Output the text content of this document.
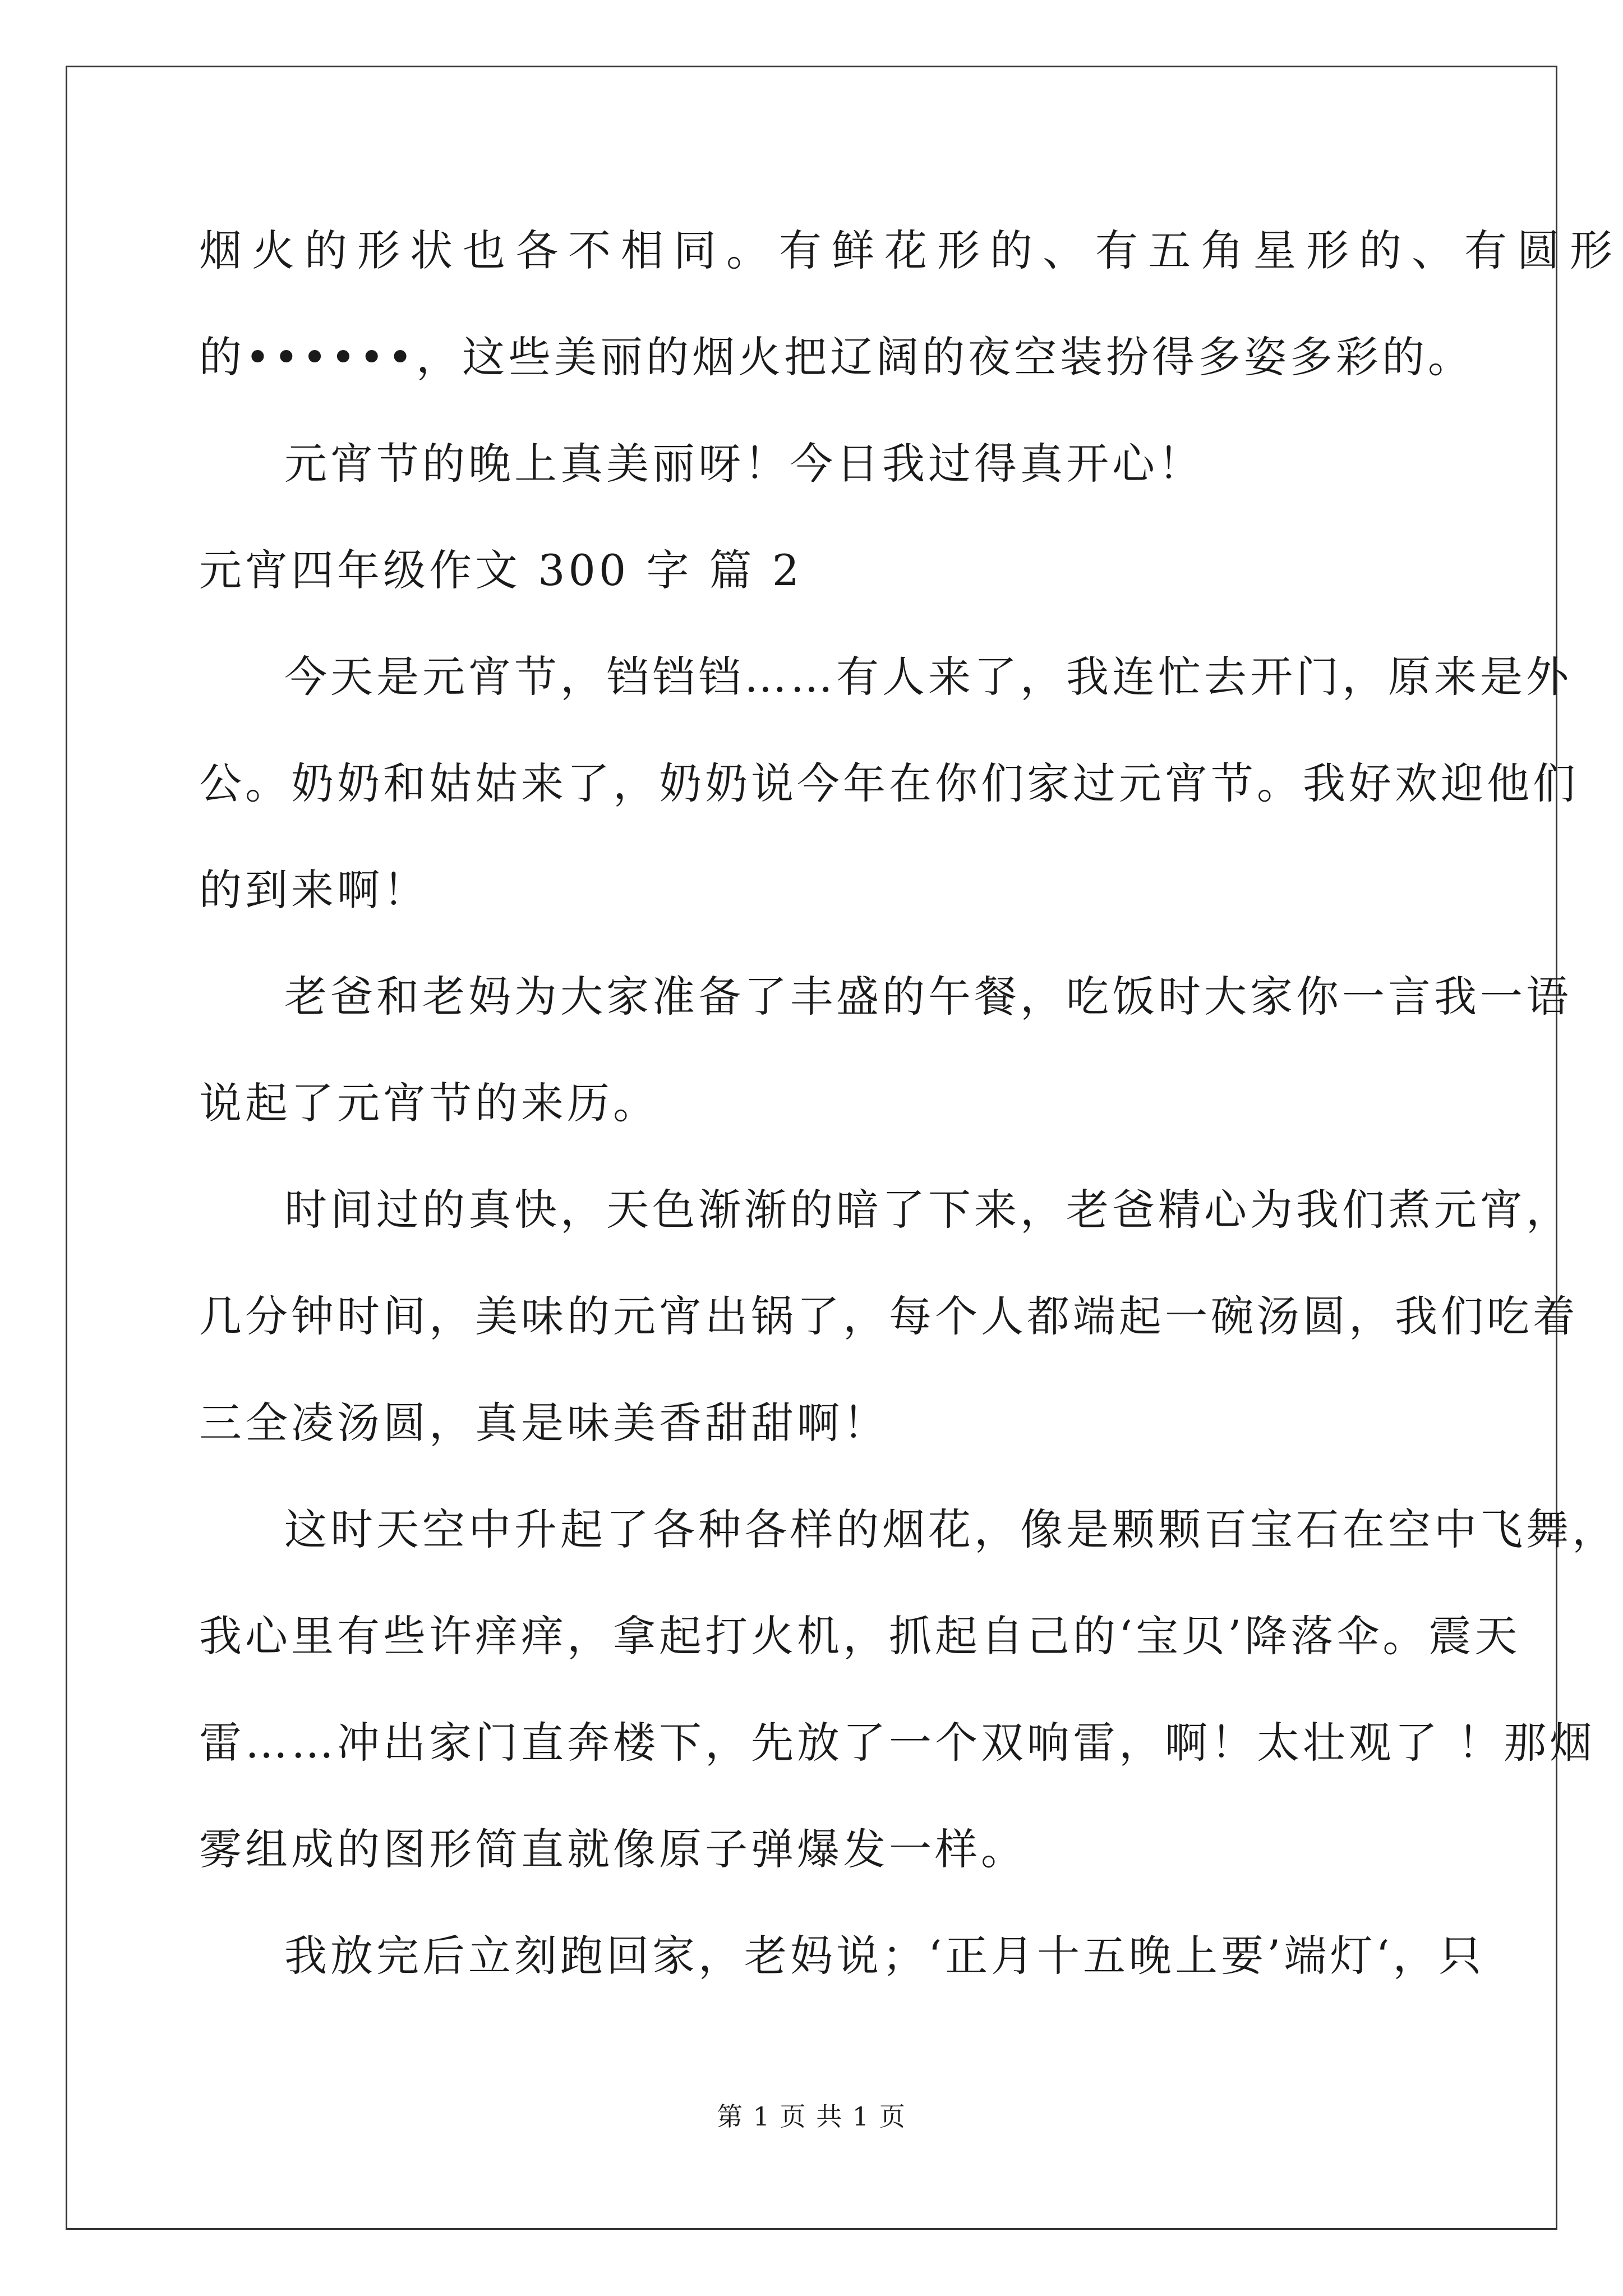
烟火的形状也各不相同。有鲜花形的、有五角星形的、有圆形
的••••••，这些美丽的烟火把辽阔的夜空装扮得多姿多彩的。
元宵节的晚上真美丽呀！今日我过得真开心！
元宵四年级作文 300 字 篇 2
今天是元宵节，铛铛铛……有人来了，我连忙去开门，原来是外
公。奶奶和姑姑来了，奶奶说今年在你们家过元宵节。我好欢迎他们
的到来啊！
老爸和老妈为大家准备了丰盛的午餐，吃饭时大家你一言我一语
说起了元宵节的来历。
时间过的真快，天色渐渐的暗了下来，老爸精心为我们煮元宵，
几分钟时间，美味的元宵出锅了，每个人都端起一碗汤圆，我们吃着
三全凌汤圆，真是味美香甜甜啊！
这时天空中升起了各种各样的烟花，像是颗颗百宝石在空中飞舞，
我心里有些许痒痒，拿起打火机，抓起自己的‘宝贝’降落伞。震天
雷……冲出家门直奔楼下，先放了一个双响雷，啊！太壮观了 ！那烟
雾组成的图形简直就像原子弹爆发一样。
我放完后立刻跑回家，老妈说；‘正月十五晚上要’端灯‘，只
第 1 页 共 1 页
